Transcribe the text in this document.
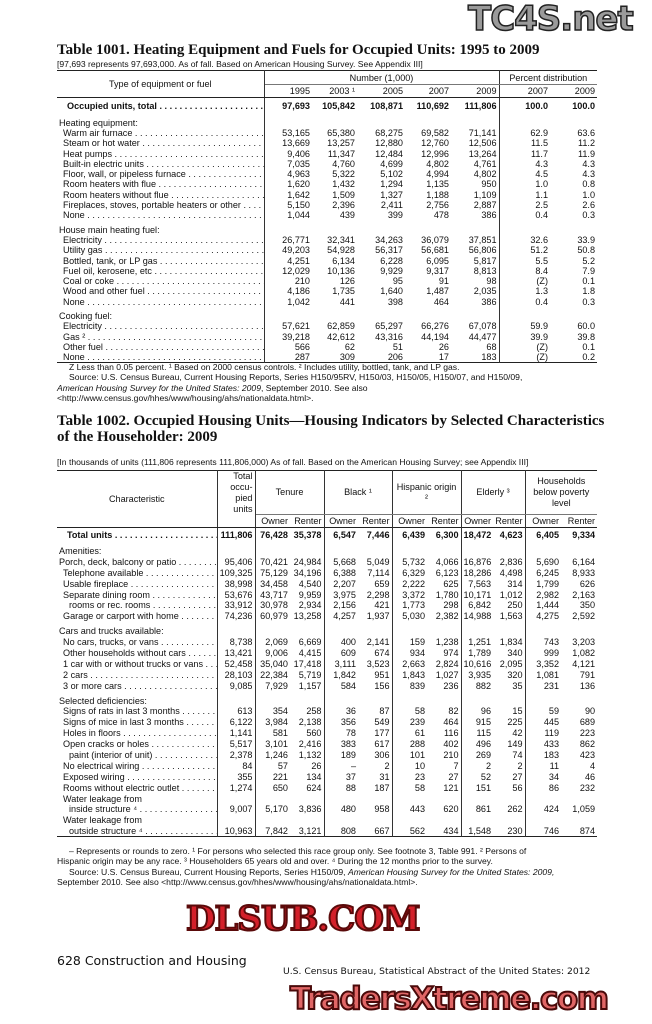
Table 1001. Heating Equipment and Fuels for Occupied Units: 1995 to 2009
[97,693 represents 97,693,000. As of fall. Based on American Housing Survey. See Appendix III]
Type of equipment or fuel	Number (1,000)					Percent distribution	
	1995	2003 ¹	2005	2007	2009	2007	2009
Occupied units, total . . .	97,693	105,842	108,871	110,692	111,806	100.0	100.0

Heating equipment:							
Warm air furnace . . .	53,165	65,380	68,275	69,582	71,141	62.9	63.6
Steam or hot water . . .	13,669	13,257	12,880	12,760	12,506	11.5	11.2
Heat pumps . . .	9,406	11,347	12,484	12,996	13,264	11.7	11.9
Built-in electric units . . .	7,035	4,760	4,699	4,802	4,761	4.3	4.3
Floor, wall, or pipeless furnace . . .	4,963	5,322	5,102	4,994	4,802	4.5	4.3
Room heaters with flue . . .	1,620	1,432	1,294	1,135	950	1.0	0.8
Room heaters without flue . . .	1,642	1,509	1,327	1,188	1,109	1.1	1.0
Fireplaces, stoves, portable heaters or other . . .	5,150	2,396	2,411	2,756	2,887	2.5	2.6
None . . .	1,044	439	399	478	386	0.4	0.3

House main heating fuel:							
Electricity . . .	26,771	32,341	34,263	36,079	37,851	32.6	33.9
Utility gas . . .	49,203	54,928	56,317	56,681	56,806	51.2	50.8
Bottled, tank, or LP gas . . .	4,251	6,134	6,228	6,095	5,817	5.5	5.2
Fuel oil, kerosene, etc . . .	12,029	10,136	9,929	9,317	8,813	8.4	7.9
Coal or coke . . .	210	126	95	91	98	(Z)	0.1
Wood and other fuel . . .	4,186	1,735	1,640	1,487	2,035	1.3	1.8
None . . .	1,042	441	398	464	386	0.4	0.3

Cooking fuel:							
Electricity . . .	57,621	62,859	65,297	66,276	67,078	59.9	60.0
Gas ² . . .	39,218	42,612	43,316	44,194	44,477	39.9	39.8
Other fuel . . .	566	62	51	26	68	(Z)	0.1
None . . .	287	309	206	17	183	(Z)	0.2

Z Less than 0.05 percent. ¹ Based on 2000 census controls. ² Includes utility, bottled, tank, and LP gas.

Source: U.S. Census Bureau, Current Housing Reports, Series H150/95RV, H150/03, H150/05, H150/07, and H150/09,

American Housing Survey for the United States: 2009, September 2010. See also <http://www.census.gov/hhes/www/housing/ahs/nationaldata.html>.

Table 1002. Occupied Housing Units—Housing Indicators by Selected Characteristics of the Householder: 2009
[In thousands of units (111,806 represents 111,806,000) As of fall. Based on the American Housing Survey; see Appendix III]
Characteristic	Total occu- pied units	Tenure		Black ¹		Hispanic origin ²		Elderly ³		Households below poverty level	
		Owner	Renter	Owner	Renter	Owner	Renter	Owner	Renter	Owner	Renter
Total units . . .	111,806	76,428	35,378	6,547	7,446	6,439	6,300	18,472	4,623	6,405	9,334

Amenities:											
Porch, deck, balcony or patio . . .	95,406	70,421	24,984	5,668	5,049	5,732	4,066	16,876	2,836	5,690	6,164
Telephone available . . .	109,325	75,129	34,196	6,388	7,114	6,329	6,123	18,286	4,498	6,245	8,933
Usable fireplace . . .	38,998	34,458	4,540	2,207	659	2,222	625	7,563	314	1,799	626
Separate dining room . . .	53,676	43,717	9,959	3,975	2,298	3,372	1,780	10,171	1,012	2,982	2,163
rooms or rec. rooms . . .	33,912	30,978	2,934	2,156	421	1,773	298	6,842	250	1,444	350
Garage or carport with home . . .	74,236	60,979	13,258	4,257	1,937	5,030	2,382	14,988	1,563	4,275	2,592

Cars and trucks available:											
No cars, trucks, or vans . . .	8,738	2,069	6,669	400	2,141	159	1,238	1,251	1,834	743	3,203
Other households without cars . . .	13,421	9,006	4,415	609	674	934	974	1,789	340	999	1,082
1 car with or without trucks or vans . . .	52,458	35,040	17,418	3,111	3,523	2,663	2,824	10,616	2,095	3,352	4,121
2 cars . . .	28,103	22,384	5,719	1,842	951	1,843	1,027	3,935	320	1,081	791
3 or more cars . . .	9,085	7,929	1,157	584	156	839	236	882	35	231	136

Selected deficiencies:											
Signs of rats in last 3 months . . .	613	354	258	36	87	58	82	96	15	59	90
Signs of mice in last 3 months . . .	6,122	3,984	2,138	356	549	239	464	915	225	445	689
Holes in floors . . .	1,141	581	560	78	177	61	116	115	42	119	223
Open cracks or holes . . .	5,517	3,101	2,416	383	617	288	402	496	149	433	862
paint (interior of unit) . . .	2,378	1,246	1,132	189	306	101	210	269	74	183	423
No electrical wiring . . .	84	57	26	–	2	10	7	2	2	11	4
Exposed wiring . . .	355	221	134	37	31	23	27	52	27	34	46
Rooms without electric outlet . . .	1,274	650	624	88	187	58	121	151	56	86	232
Water leakage from											
inside structure ⁴ . . .	9,007	5,170	3,836	480	958	443	620	861	262	424	1,059
Water leakage from											
outside structure ⁴ . . .	10,963	7,842	3,121	808	667	562	434	1,548	230	746	874

– Represents or rounds to zero. ¹ For persons who selected this race group only. See footnote 3, Table 991. ² Persons of

Hispanic origin may be any race. ³ Householders 65 years old and over. ⁴ During the 12 months prior to the survey.

Source: U.S. Census Bureau, Current Housing Reports, Series H150/09, American Housing Survey for the United States: 2009, September 2010. See also <http://www.census.gov/hhes/www/housing/ahs/nationaldata.html>.

628 Construction and Housing
U.S. Census Bureau, Statistical Abstract of the United States: 2012
TC4S.net
DLSUB.COM
TradersXtreme.com
